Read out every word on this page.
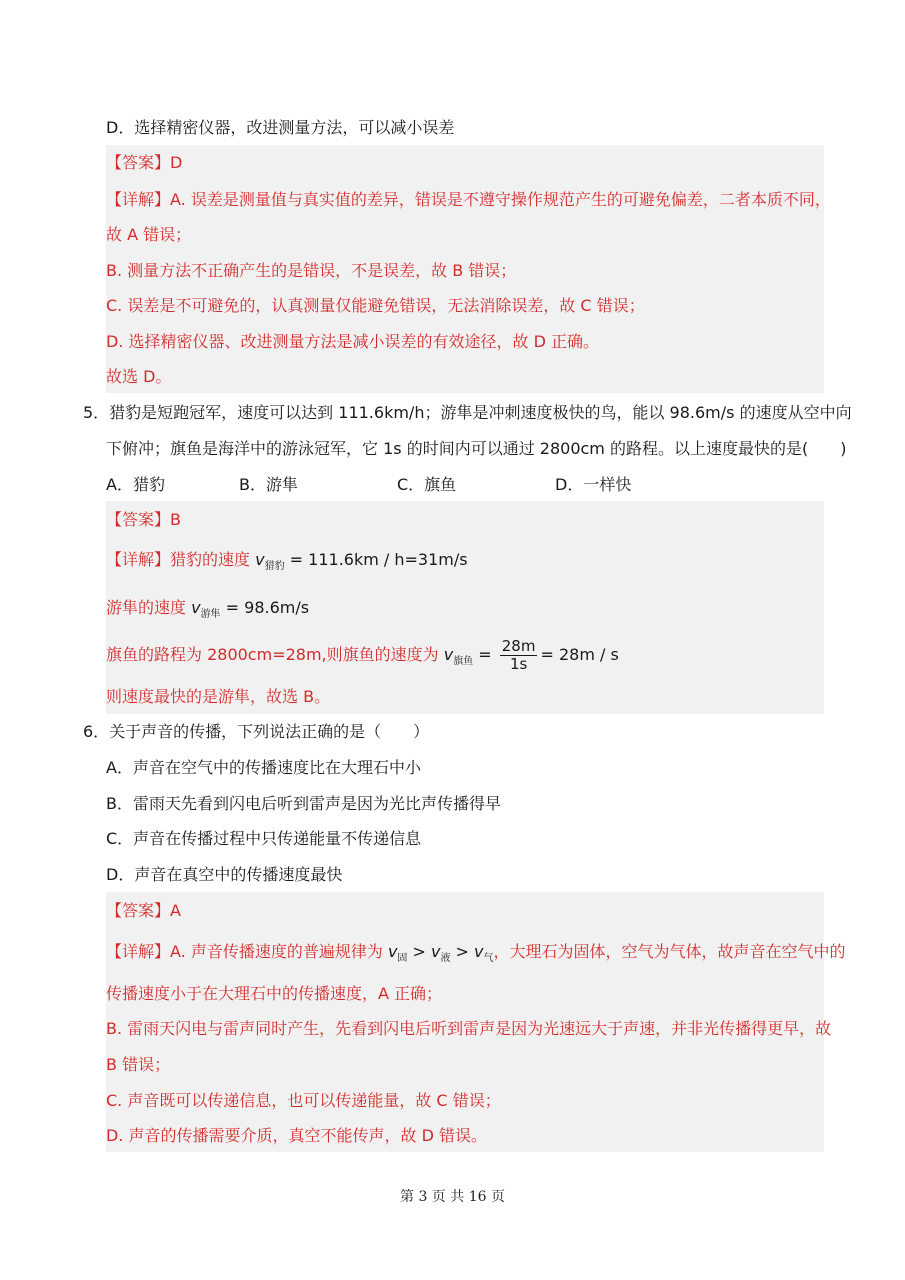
D．选择精密仪器，改进测量方法，可以减小误差
【答案】D
【详解】A. 误差是测量值与真实值的差异，错误是不遵守操作规范产生的可避免偏差，二者本质不同，
故 A 错误；
B. 测量方法不正确产生的是错误，不是误差，故 B 错误；
C. 误差是不可避免的，认真测量仅能避免错误，无法消除误差，故 C 错误；
D. 选择精密仪器、改进测量方法是减小误差的有效途径，故 D 正确。
故选 D。
5．猎豹是短跑冠军，速度可以达到 111.6km/h；游隼是冲刺速度极快的鸟，能以 98.6m/s 的速度从空中向
下俯冲；旗鱼是海洋中的游泳冠军，它 1s 的时间内可以通过 2800cm 的路程。以上速度最快的是(　　)
A．猎豹	B．游隼	C．旗鱼	D．一样快
【答案】B
【详解】猎豹的速度 $v_{猎豹} = 111.6km / h=31m/s$
游隼的速度 $v_{游隼} = 98.6m/s$
旗鱼的路程为 2800cm=28m,则旗鱼的速度为 $v_{旗鱼} = \frac{28m}{1s} = 28m / s$
则速度最快的是游隼，故选 B。
6．关于声音的传播，下列说法正确的是（　　）
A．声音在空气中的传播速度比在大理石中小
B．雷雨天先看到闪电后听到雷声是因为光比声传播得早
C．声音在传播过程中只传递能量不传递信息
D．声音在真空中的传播速度最快
【答案】A
【详解】A. 声音传播速度的普遍规律为 $v_固 > v_液 > v_气$，大理石为固体，空气为气体，故声音在空气中的
传播速度小于在大理石中的传播速度，A 正确；
B. 雷雨天闪电与雷声同时产生，先看到闪电后听到雷声是因为光速远大于声速，并非光传播得更早，故
B 错误；
C. 声音既可以传递信息，也可以传递能量，故 C 错误；
D. 声音的传播需要介质，真空不能传声，故 D 错误。
第 3 页 共 16 页
